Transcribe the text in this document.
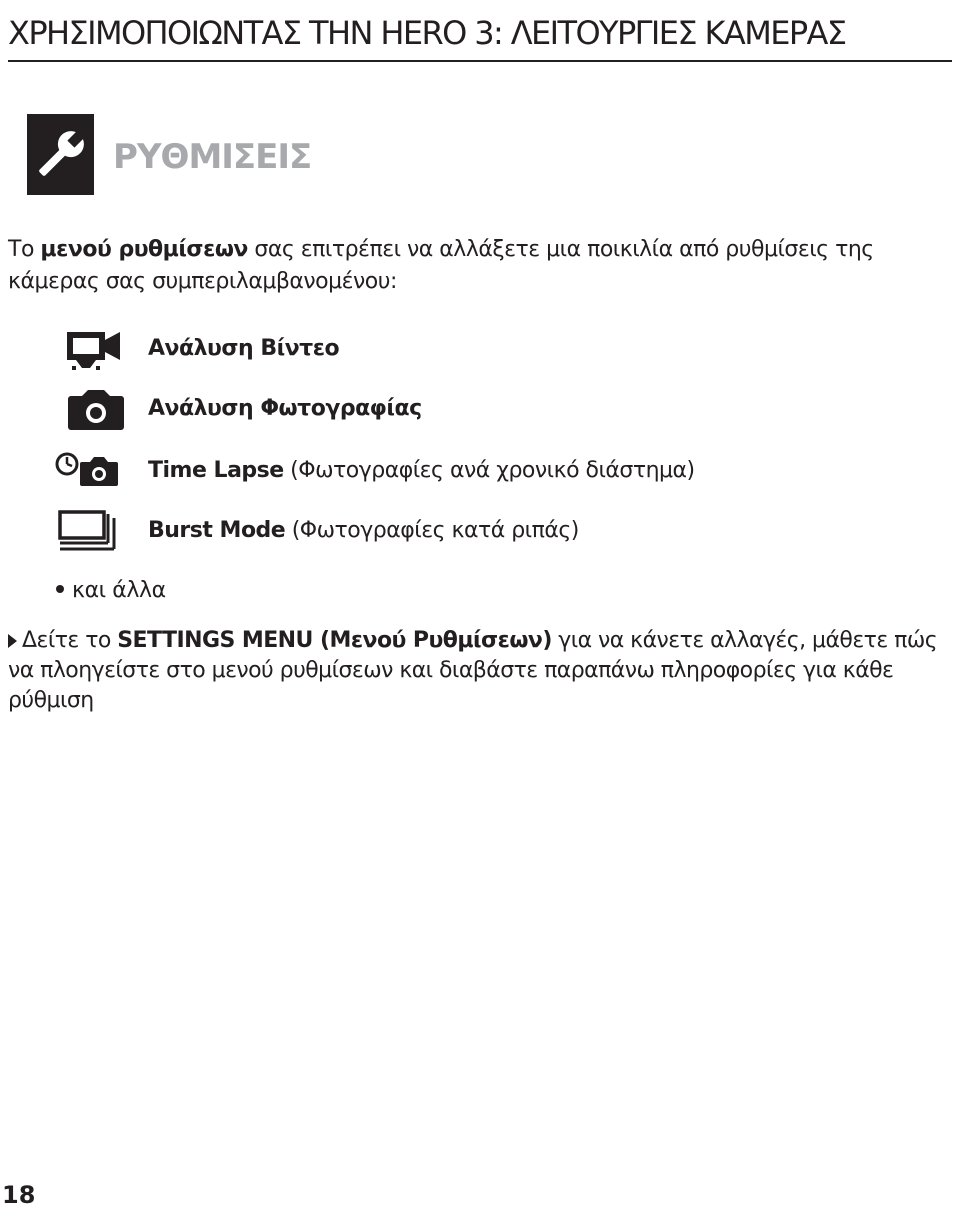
ΧΡΗΣΙΜΟΠΟΙΩΝΤΑΣ ΤΗΝ HERO 3: ΛΕΙΤΟΥΡΓΙΕΣ ΚΑΜΕΡΑΣ
ΡΥΘΜΙΣΕΙΣ
Το μενού ρυθμίσεων σας επιτρέπει να αλλάξετε μια ποικιλία από ρυθμίσεις της κάμερας σας συμπεριλαμβανομένου:
Ανάλυση Βίντεο
Ανάλυση Φωτογραφίας
Time Lapse (Φωτογραφίες ανά χρονικό διάστημα)
Burst Mode (Φωτογραφίες κατά ριπάς)
και άλλα
Δείτε το SETTINGS MENU (Μενού Ρυθμίσεων) για να κάνετε αλλαγές, μάθετε πώς να πλοηγείστε στο μενού ρυθμίσεων και διαβάστε παραπάνω πληροφορίες για κάθε ρύθμιση
18
